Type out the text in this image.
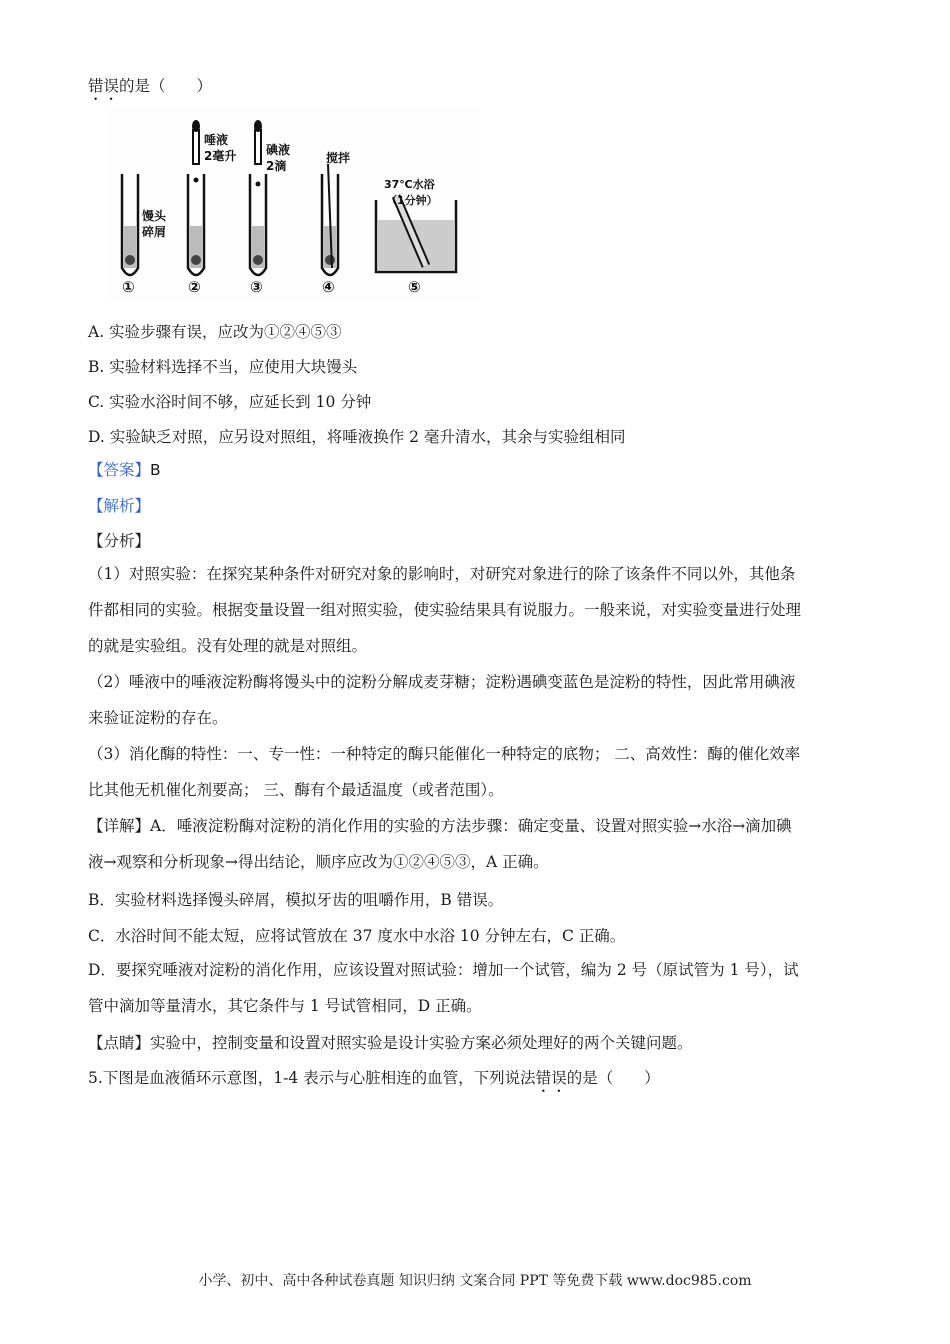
错误的是（　　）
馒头
碎屑
唾液
2毫升 碘液
2滴
搅拌
37℃水浴
（1分钟）
①	②	③	④	⑤
A. 实验步骤有误，应改为①②④⑤③
B. 实验材料选择不当，应使用大块馒头
C. 实验水浴时间不够，应延长到 10 分钟
D. 实验缺乏对照，应另设对照组，将唾液换作 2 毫升清水，其余与实验组相同
【答案】B
【解析】
【分析】
（1）对照实验：在探究某种条件对研究对象的影响时，对研究对象进行的除了该条件不同以外，其他条
件都相同的实验。根据变量设置一组对照实验，使实验结果具有说服力。一般来说，对实验变量进行处理
的就是实验组。没有处理的就是对照组。
（2）唾液中的唾液淀粉酶将馒头中的淀粉分解成麦芽糖；淀粉遇碘变蓝色是淀粉的特性，因此常用碘液
来验证淀粉的存在。
（3）消化酶的特性：一、专一性：一种特定的酶只能催化一种特定的底物； 二、高效性：酶的催化效率
比其他无机催化剂要高； 三、酶有个最适温度（或者范围）。
【详解】A．唾液淀粉酶对淀粉的消化作用的实验的方法步骤：确定变量、设置对照实验→水浴→滴加碘
液→观察和分析现象→得出结论，顺序应改为①②④⑤③，A 正确。
B．实验材料选择馒头碎屑，模拟牙齿的咀嚼作用，B 错误。
C．水浴时间不能太短，应将试管放在 37 度水中水浴 10 分钟左右，C 正确。
D．要探究唾液对淀粉的消化作用，应该设置对照试验：增加一个试管，编为 2 号（原试管为 1 号），试
管中滴加等量清水，其它条件与 1 号试管相同，D 正确。
【点睛】实验中，控制变量和设置对照实验是设计实验方案必须处理好的两个关键问题。
5.下图是血液循环示意图，1-4 表示与心脏相连的血管，下列说法错误的是（　　）
小学、初中、高中各种试卷真题 知识归纳 文案合同 PPT 等免费下载 www.doc985.com
